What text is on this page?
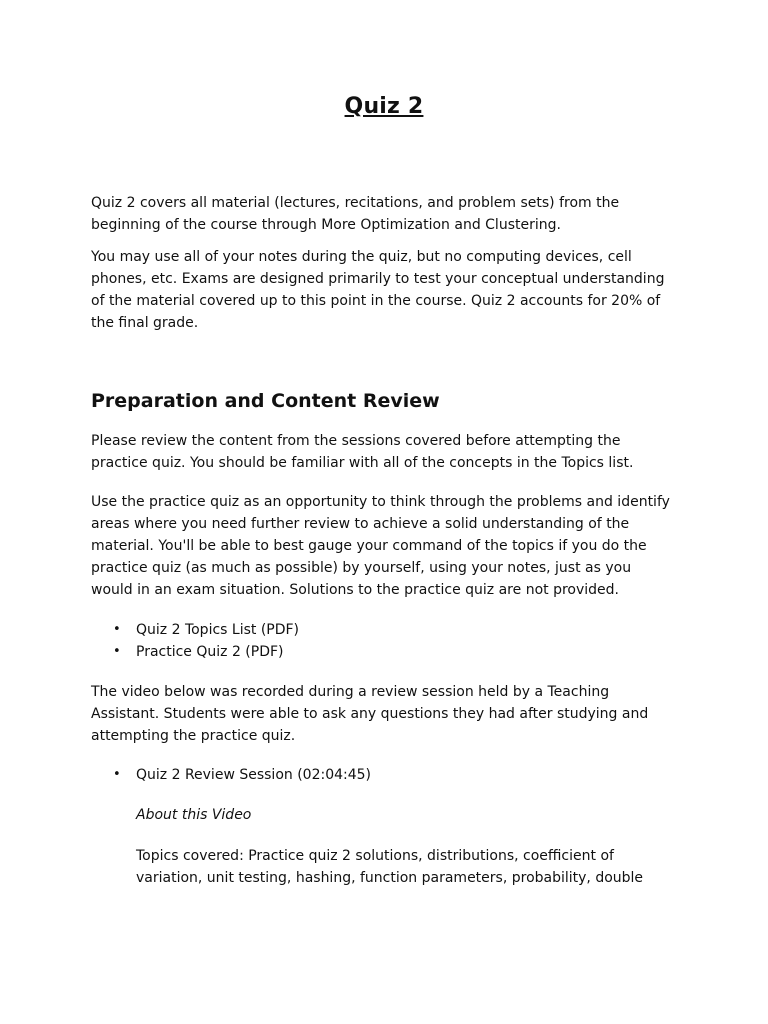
Quiz 2

Quiz 2 covers all material (lectures, recitations, and problem sets) from the beginning of the course through More Optimization and Clustering.

You may use all of your notes during the quiz, but no computing devices, cell phones, etc. Exams are designed primarily to test your conceptual understanding of the material covered up to this point in the course. Quiz 2 accounts for 20% of the final grade.

Preparation and Content Review

Please review the content from the sessions covered before attempting the practice quiz. You should be familiar with all of the concepts in the Topics list.

Use the practice quiz as an opportunity to think through the problems and identify areas where you need further review to achieve a solid understanding of the material. You'll be able to best gauge your command of the topics if you do the practice quiz (as much as possible) by yourself, using your notes, just as you would in an exam situation. Solutions to the practice quiz are not provided.

• Quiz 2 Topics List (PDF)
• Practice Quiz 2 (PDF)

The video below was recorded during a review session held by a Teaching Assistant. Students were able to ask any questions they had after studying and attempting the practice quiz.

• Quiz 2 Review Session (02:04:45)

About this Video

Topics covered: Practice quiz 2 solutions, distributions, coefficient of variation, unit testing, hashing, function parameters, probability, double
